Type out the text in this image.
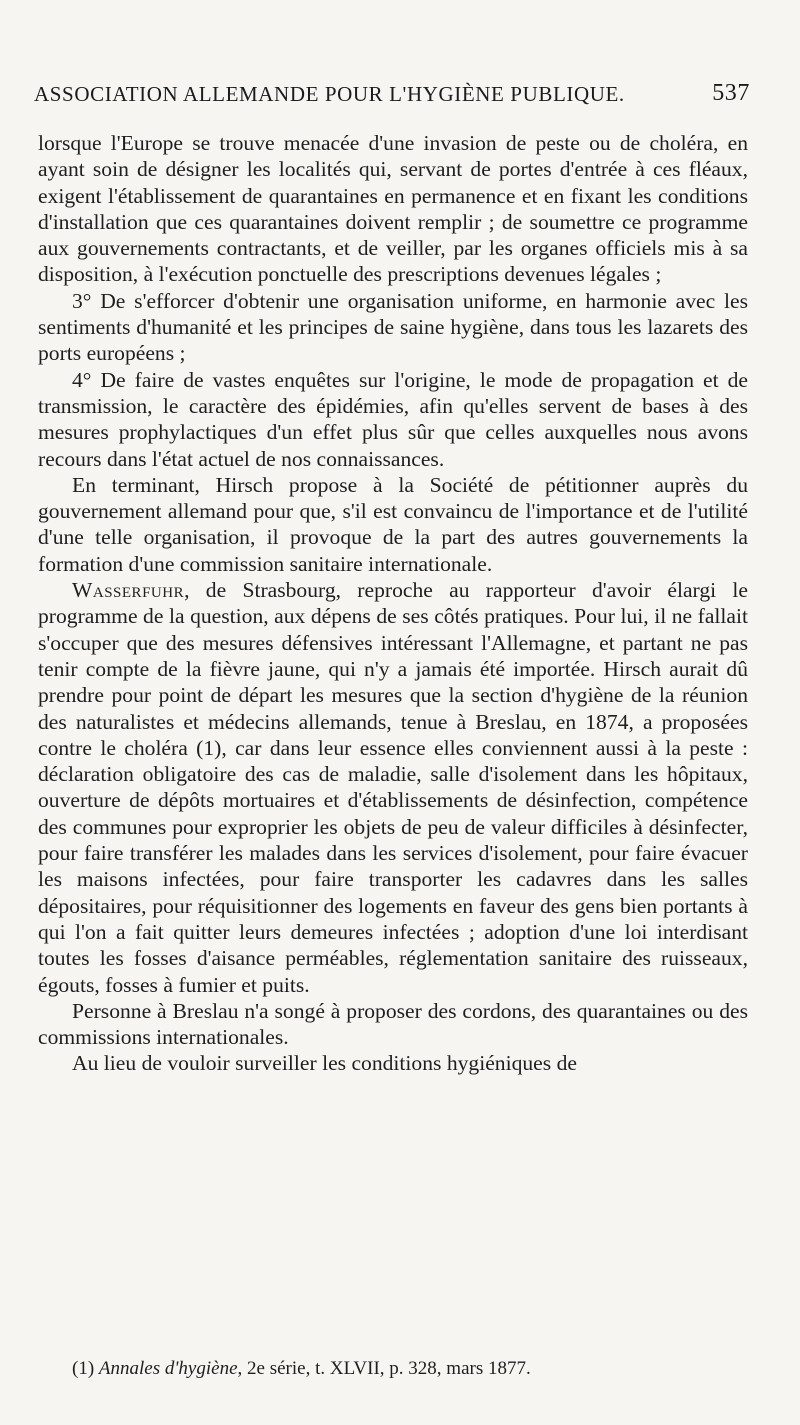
ASSOCIATION ALLEMANDE POUR L'HYGIÈNE PUBLIQUE.	537

lorsque l'Europe se trouve menacée d'une invasion de peste ou de choléra, en ayant soin de désigner les localités qui, servant de portes d'entrée à ces fléaux, exigent l'établissement de quarantaines en permanence et en fixant les conditions d'installation que ces quarantaines doivent remplir ; de soumettre ce programme aux gouvernements contractants, et de veiller, par les organes officiels mis à sa disposition, à l'exécution ponctuelle des prescriptions devenues légales ;

3° De s'efforcer d'obtenir une organisation uniforme, en harmonie avec les sentiments d'humanité et les principes de saine hygiène, dans tous les lazarets des ports européens ;

4° De faire de vastes enquêtes sur l'origine, le mode de propagation et de transmission, le caractère des épidémies, afin qu'elles servent de bases à des mesures prophylactiques d'un effet plus sûr que celles auxquelles nous avons recours dans l'état actuel de nos connaissances.

En terminant, Hirsch propose à la Société de pétitionner auprès du gouvernement allemand pour que, s'il est convaincu de l'importance et de l'utilité d'une telle organisation, il provoque de la part des autres gouvernements la formation d'une commission sanitaire internationale.

Wasserfuhr, de Strasbourg, reproche au rapporteur d'avoir élargi le programme de la question, aux dépens de ses côtés pratiques. Pour lui, il ne fallait s'occuper que des mesures défensives intéressant l'Allemagne, et partant ne pas tenir compte de la fièvre jaune, qui n'y a jamais été importée. Hirsch aurait dû prendre pour point de départ les mesures que la section d'hygiène de la réunion des naturalistes et médecins allemands, tenue à Breslau, en 1874, a proposées contre le choléra (1), car dans leur essence elles conviennent aussi à la peste : déclaration obligatoire des cas de maladie, salle d'isolement dans les hôpitaux, ouverture de dépôts mortuaires et d'établissements de désinfection, compétence des communes pour exproprier les objets de peu de valeur difficiles à désinfecter, pour faire transférer les malades dans les services d'isolement, pour faire évacuer les maisons infectées, pour faire transporter les cadavres dans les salles dépositaires, pour réquisitionner des logements en faveur des gens bien portants à qui l'on a fait quitter leurs demeures infectées ; adoption d'une loi interdisant toutes les fosses d'aisance perméables, réglementation sanitaire des ruisseaux, égouts, fosses à fumier et puits.

Personne à Breslau n'a songé à proposer des cordons, des quarantaines ou des commissions internationales.

Au lieu de vouloir surveiller les conditions hygiéniques de

(1) Annales d'hygiène, 2e série, t. XLVII, p. 328, mars 1877.
